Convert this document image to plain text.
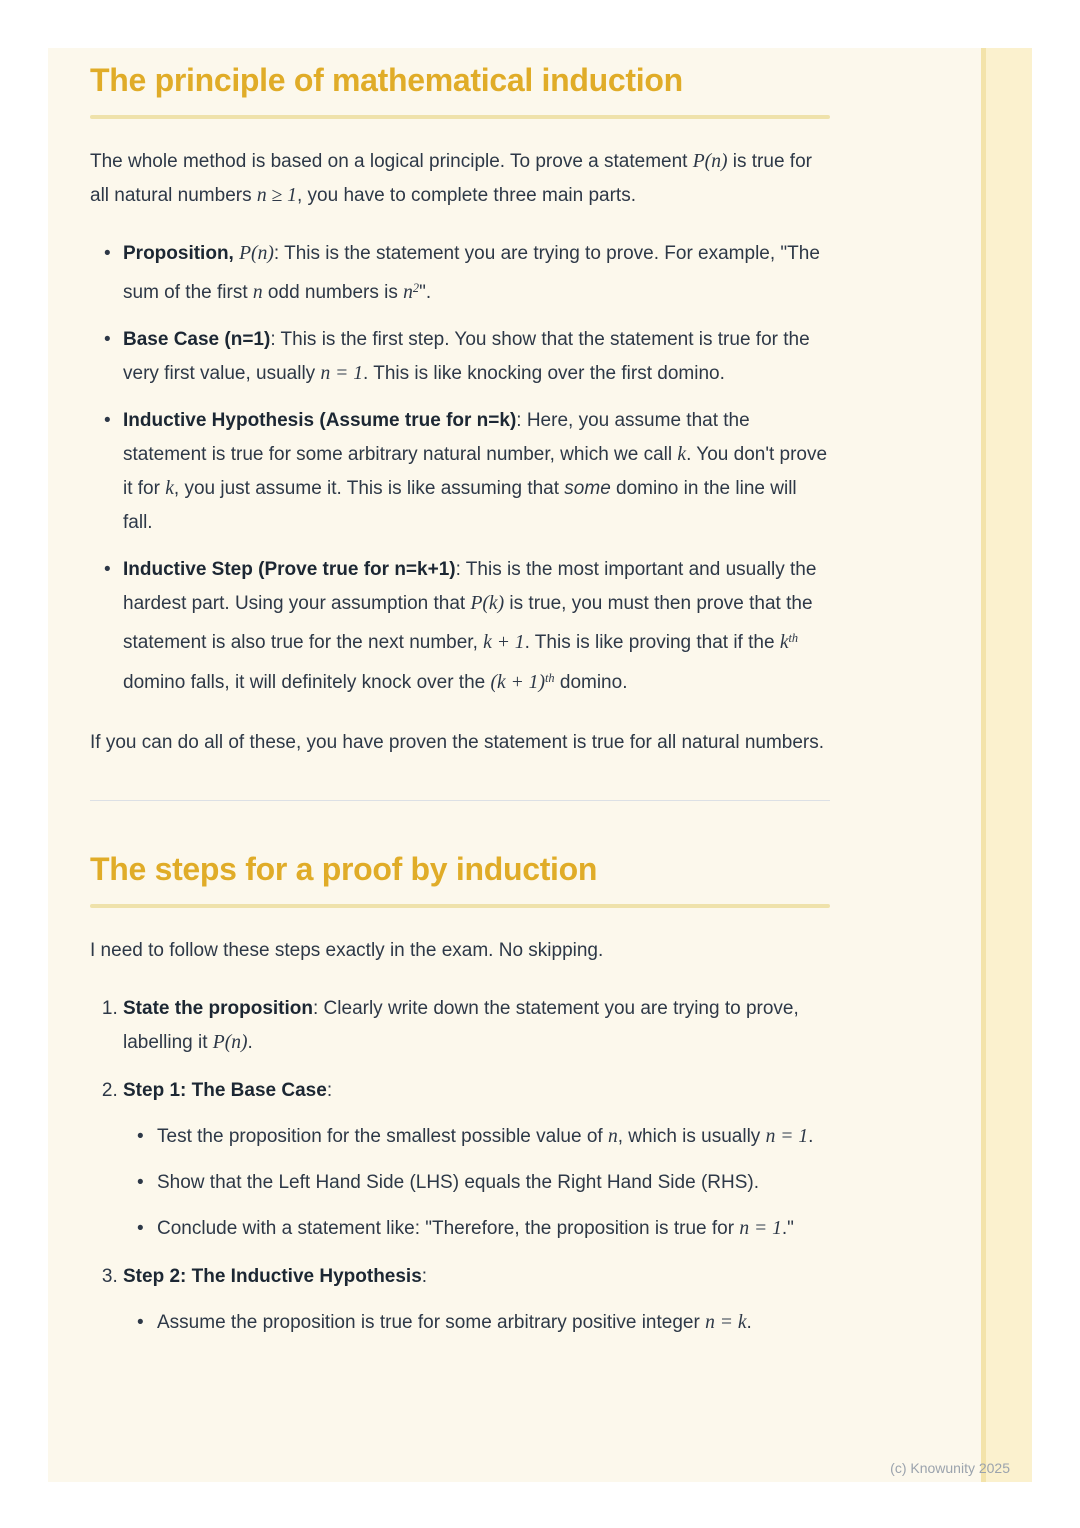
The principle of mathematical induction

The whole method is based on a logical principle. To prove a statement P(n) is true for all natural numbers n ≥ 1, you have to complete three main parts.

• Proposition, P(n): This is the statement you are trying to prove. For example, "The sum of the first n odd numbers is $n^2$".
• Base Case (n=1): This is the first step. You show that the statement is true for the very first value, usually n = 1. This is like knocking over the first domino.
• Inductive Hypothesis (Assume true for n=k): Here, you assume that the statement is true for some arbitrary natural number, which we call k. You don't prove it for k, you just assume it. This is like assuming that some domino in the line will fall.
• Inductive Step (Prove true for n=k+1): This is the most important and usually the hardest part. Using your assumption that P(k) is true, you must then prove that the statement is also true for the next number, k + 1. This is like proving that if the $k^{th}$ domino falls, it will definitely knock over the $(k + 1)^{th}$ domino.

If you can do all of these, you have proven the statement is true for all natural numbers.

The steps for a proof by induction

I need to follow these steps exactly in the exam. No skipping.

1. State the proposition: Clearly write down the statement you are trying to prove, labelling it P(n).
2. Step 1: The Base Case:
• Test the proposition for the smallest possible value of n, which is usually n = 1.
• Show that the Left Hand Side (LHS) equals the Right Hand Side (RHS).
• Conclude with a statement like: "Therefore, the proposition is true for n = 1."
3. Step 2: The Inductive Hypothesis:
• Assume the proposition is true for some arbitrary positive integer n = k.
(c) Knowunity 2025
